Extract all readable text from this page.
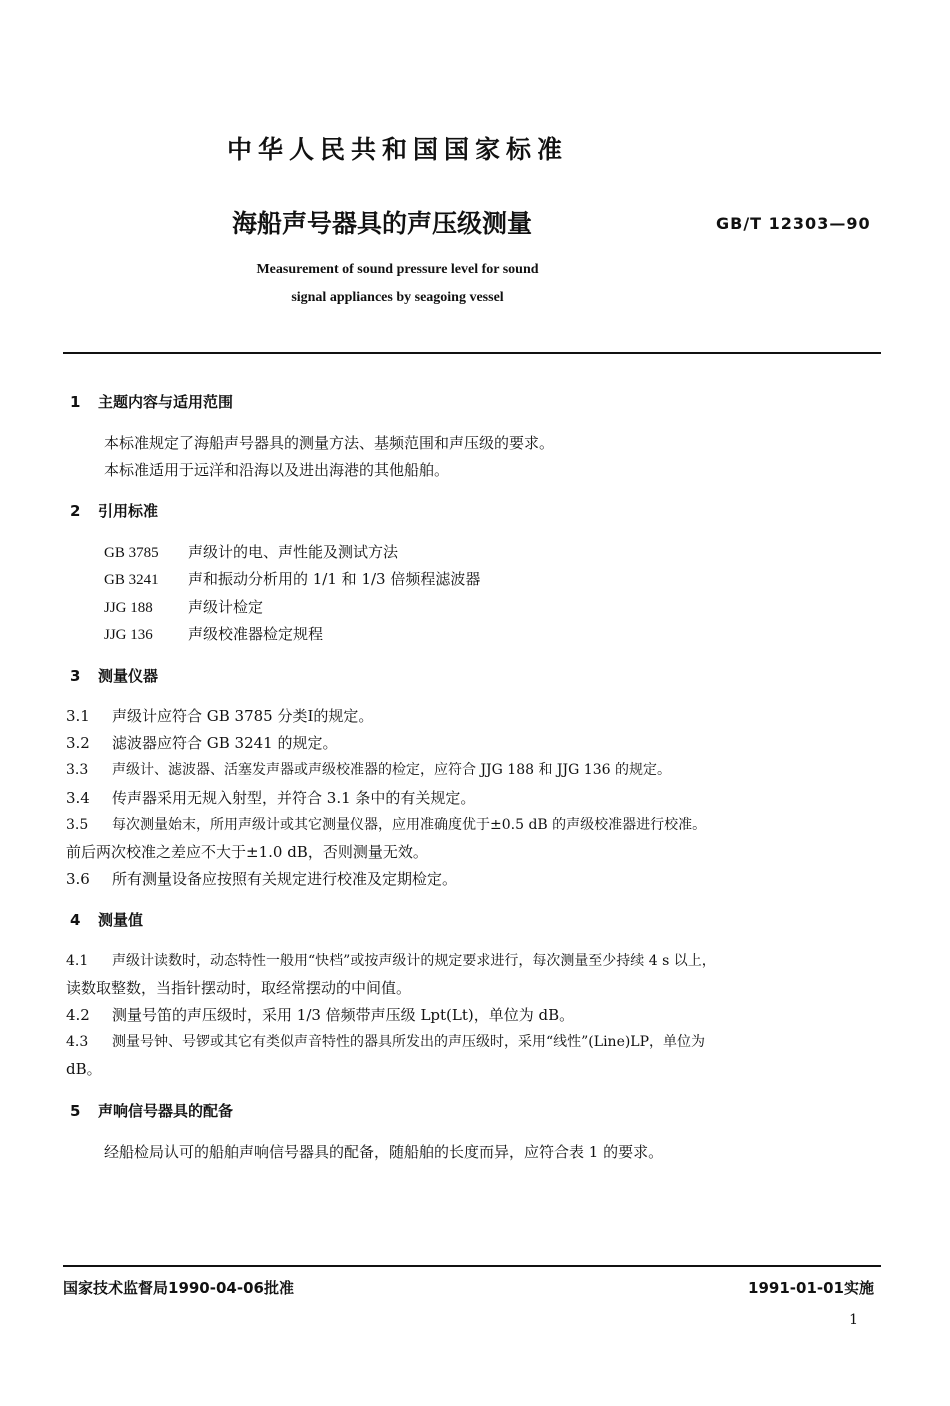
中华人民共和国国家标准
海船声号器具的声压级测量	GB/T 12303—90
Measurement of sound pressure level for sound
signal appliances by seagoing vessel
1 主题内容与适用范围
本标准规定了海船声号器具的测量方法、基频范围和声压级的要求。
本标准适用于远洋和沿海以及进出海港的其他船舶。
2 引用标准
GB 3785 声级计的电、声性能及测试方法
GB 3241 声和振动分析用的 1/1 和 1/3 倍频程滤波器
JJG 188 声级计检定
JJG 136 声级校准器检定规程
3 测量仪器
3.1 声级计应符合 GB 3785 分类Ⅰ的规定。
3.2 滤波器应符合 GB 3241 的规定。
3.3 声级计、滤波器、活塞发声器或声级校准器的检定，应符合 JJG 188 和 JJG 136 的规定。
3.4 传声器采用无规入射型，并符合 3.1 条中的有关规定。
3.5 每次测量始末，所用声级计或其它测量仪器，应用准确度优于±0.5 dB 的声级校准器进行校准。
前后两次校准之差应不大于±1.0 dB，否则测量无效。
3.6 所有测量设备应按照有关规定进行校准及定期检定。
4 测量值
4.1 声级计读数时，动态特性一般用“快档”或按声级计的规定要求进行，每次测量至少持续 4 s 以上，
读数取整数，当指针摆动时，取经常摆动的中间值。
4.2 测量号笛的声压级时，采用 1/3 倍频带声压级 Lpt(Lt)，单位为 dB。
4.3 测量号钟、号锣或其它有类似声音特性的器具所发出的声压级时，采用“线性”(Line)LP，单位为
dB。
5 声响信号器具的配备
经船检局认可的船舶声响信号器具的配备，随船舶的长度而异，应符合表 1 的要求。
国家技术监督局1990-04-06批准	1991-01-01实施
1
